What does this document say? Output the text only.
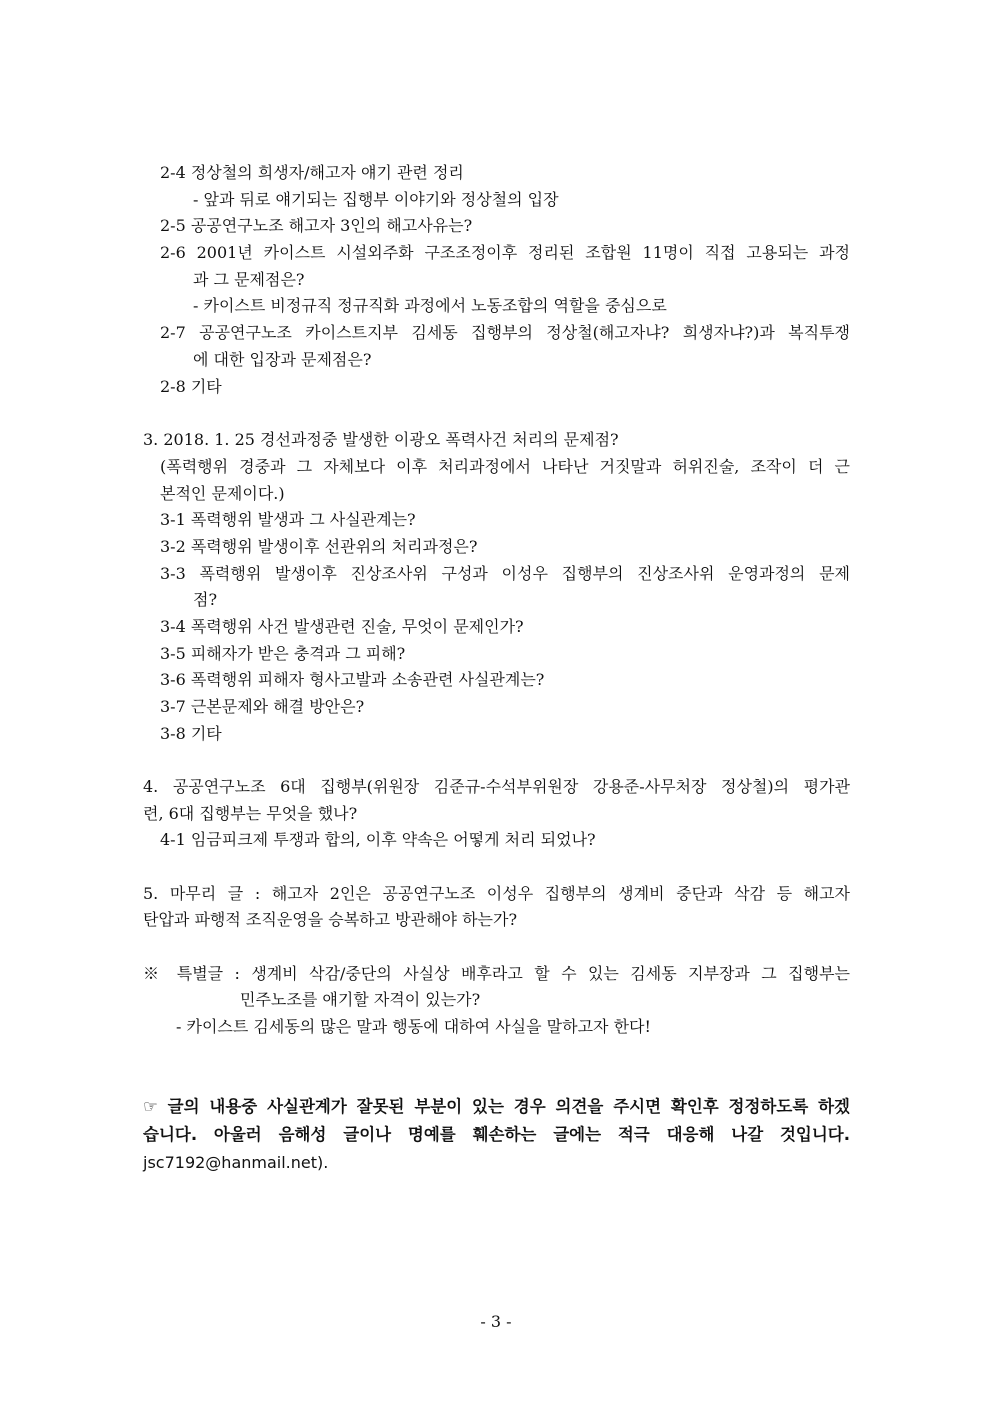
2-4 정상철의 희생자/해고자 얘기 관련 정리
- 앞과 뒤로 얘기되는 집행부 이야기와 정상철의 입장
2-5 공공연구노조 해고자 3인의 해고사유는?
2-6 2001년 카이스트 시설외주화 구조조정이후 정리된 조합원 11명이 직접 고용되는 과정
과 그 문제점은?
- 카이스트 비정규직 정규직화 과정에서 노동조합의 역할을 중심으로
2-7 공공연구노조 카이스트지부 김세동 집행부의 정상철(해고자냐? 희생자냐?)과 복직투쟁
에 대한 입장과 문제점은?
2-8 기타
3. 2018. 1. 25 경선과정중 발생한 이광오 폭력사건 처리의 문제점?
(폭력행위 경중과 그 자체보다 이후 처리과정에서 나타난 거짓말과 허위진술, 조작이 더 근
본적인 문제이다.)
3-1 폭력행위 발생과 그 사실관계는?
3-2 폭력행위 발생이후 선관위의 처리과정은?
3-3 폭력행위 발생이후 진상조사위 구성과 이성우 집행부의 진상조사위 운영과정의 문제
점?
3-4 폭력행위 사건 발생관련 진술, 무엇이 문제인가?
3-5 피해자가 받은 충격과 그 피해?
3-6 폭력행위 피해자 형사고발과 소송관련 사실관계는?
3-7 근본문제와 해결 방안은?
3-8 기타
4. 공공연구노조 6대 집행부(위원장 김준규-수석부위원장 강용준-사무처장 정상철)의 평가관
련, 6대 집행부는 무엇을 했나?
4-1 임금피크제 투쟁과 합의, 이후 약속은 어떻게 처리 되었나?
5. 마무리 글 : 해고자 2인은 공공연구노조 이성우 집행부의 생계비 중단과 삭감 등 해고자
탄압과 파행적 조직운영을 승복하고 방관해야 하는가?
※ 특별글 : 생계비 삭감/중단의 사실상 배후라고 할 수 있는 김세동 지부장과 그 집행부는
민주노조를 얘기할 자격이 있는가?
- 카이스트 김세동의 많은 말과 행동에 대하여 사실을 말하고자 한다!
☞ 글의 내용중 사실관계가 잘못된 부분이 있는 경우 의견을 주시면 확인후 정정하도록 하겠
습니다. 아울러 음해성 글이나 명예를 훼손하는 글에는 적극 대응해 나갈 것입니다.
jsc7192@hanmail.net).
- 3 -
